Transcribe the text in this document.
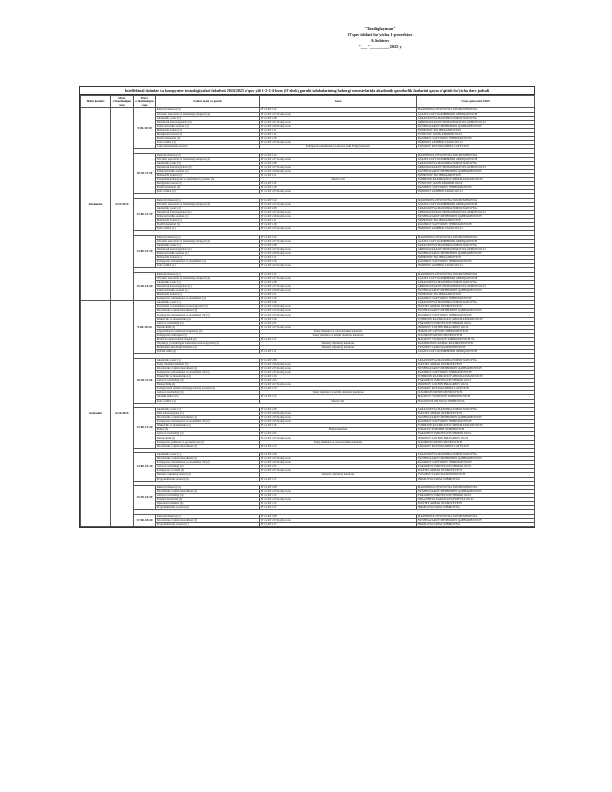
"Tasdiqlayman"
O'quv ishlari bo'yicha 1-prorektor
A.Sobirov
"___"_________2025 y
Intellektual tizimlar va kompyuter texnologiyalari fakulteti 2024/2025 o'quv yili 1-2-3-4-kurs (O'zbek) guruhi talabalarining bahorgi semestrlarida akademik qarzdorlik fanlarini qayta o'qitish bo'yicha dars jadvali
Hafta kunlari	Mavl. o'tkaziladigan kun	Mavl. o'tkaziladigan vaqt	Fanlar nomi va guruh	Xona	Ustoz qatnovchi FISH
Dushanba	6/23/2025	9:00-10:20	Ruski (Uzbekon) (3)	IT va KT 112	MAKHDOVA ZIYOTOVNA XOLMUMINOVNA
			O'rtoklar sanoatida va fanlarning tadqiqoti (4)	IT va KT 217 Komp xona	ASATULLAYV KODIRBERDI ABDIQAJOVICH
			Akademik yozuv (2)	IT va KT 218	SARADAYEVA MAXMIRA NOR'OLNATOVNA
			Dasturlash texnologiyalari (3)	IT va KT 217 Komp xona	ABDURAZZAKOV MUHAMMAD SULAYMON OG'LI
			Kiberxavfsizlik asoslari (3)	IT va KT 216 Komp xona	NUSHNAZAROV MESBERDIN QABHAKHOVICH
			Mehnatchi bonusi (3)	IT va KT 111	NISHONOV ISO IBRAGIMOVICH
			Berilganlar bazasi (3)	IT va KT 112	YUNUSOV JAXIN KHODOR OG'LI
			Predlil dasturlari (3)	IT va KT 118	RAXIMOV SAYYODOV SHERMATOVICH
			Sutri cariflar (3)	IT va KT 215 Komp xona	ISMONOV AZIZBEK ZAYAD OG'LI
			Lahot mexanitsasi asoslari	Kutilganda tanishtirish va adreses tarifi Fizigi kafedrasi	SAFAROV RUSTAM ABDULLAYEVICH

		10:30-11:50	Ruski (Uzbekon) (2)	IT va KT 112	MAKHDOVA ZIYOTOVNA XOLMUMINOVNA
			O'rtoklar sanoatida va fanlarning tadqiqoti (4)	IT va KT 217 Komp xona	ASATULLAYV KODIRBERDI ABDIQAJOVICH
			Akademik yozuv (2)	IT va KT 218	SARADAYEVA MAXMIRA NOR'OLNATOVNA
			Dasturlash texnologiyalari (2)	IT va KT 217 Komp xona	ABDURAZZAKOV MUHAMMAD SULAYMON OG'LI
			Kiberxavfsizlik asoslari (2)	IT va KT 216 Komp xona	NUSHNAZAROV MESBERDIN QABHAKHOVICH
			Mehnatchi bonusi (2)	IT va KT 111	NISHONOV ISO IBRAGIMOVICH
			Telekommunikatsiyasi va muammoli g'ozlalar (5)	Mavlet 510	TOHIRJON RAXIMJANOV ABDURAXMANOVICH
			Berilganlar bazasi (2)	IT va KT 112	YUNUSOV JAXIN KHODOR OG'LI
			Predlil dasturlari (2)	IT va KT 118	RAXIMOV SAYYODOV SHERMATOVICH
			Sutri cariflar (2)	IT va KT 215 Komp xona	ISMONOV AZIZBEK ZAYAD OG'LI

		12:00-13:20	Ruski (Uzbekon) (1)	IT va KT 112	MAKHDOVA ZIYOTOVNA XOLMUMINOVNA
			O'rtoklar sanoatida va fanlarning tadqiqoti (4)	IT va KT 217 Komp xona	ASATULLAYV KODIRBERDI ABDIQAJOVICH
			Akademik yozuv (2)	IT va KT 218	SARADAYEVA MAXMIRA NOR'OLNATOVNA
			Dasturlash texnologiyalari (1)	IT va KT 217 Komp xona	ABDURAZZAKOV MUHAMMAD SULAYMON OG'LI
			Kiberxavfsizlik asoslari (1)	IT va KT 216 Komp xona	NUSHNAZAROV MESBERDIN QABHAKHOVICH
			Mehnatchi bonusi (1)	IT va KT 111	NISHONOV ISO IBRAGIMOVICH
			Predlil dasturlari (1)	IT va KT 118	RAXIMOV SAYYODOV SHERMATOVICH
			Sutri cariflar (1)	IT va KT 215 Komp xona	ISMONOV AZIZBEK ZAYAD OG'LI

		14:00-15:20	Ruski (Uzbekon) (1)	IT va KT 112	MAKHDOVA ZIYOTOVNA XOLMUMINOVNA
			O'rtoklar sanoatida va fanlarning tadqiqoti (4)	IT va KT 217 Komp xona	ASATULLAYV KODIRBERDI ABDIQAJOVICH
			Akademik yozuv (1)	IT va KT 218	SARADAYEVA MAXMIRA NOR'OLNATOVNA
			Dasturlash texnologiyalari (1)	IT va KT 217 Komp xona	ABDURAZZAKOV MUHAMMAD SULAYMON OG'LI
			Kiberxavfsizlik asoslari (1)	IT va KT 216 Komp xona	NUSHNAZAROV MESBERDIN QABHAKHOVICH
			Mehnatchi bonusi (1)	IT va KT 111	NISHONOV ISO IBRAGIMOVICH
			Kompyuter arxitekturasi va Assembler (4)	IT va KT 119	RAXIMOV SAYYODOV SHERMATOVICH
			Sutri cariflar (1)	IT va KT 215 Komp xona	ISMONOV AZIZBEK ZAYAD OG'LI

		15:30-16:50	Ruski (Uzbekon) (1)	IT va KT 112	MAKHDOVA ZIYOTOVNA XOLMUMINOVNA
			O'rtoklar sanoatida va fanlarning tadqiqoti (4)	IT va KT 217 Komp xona	ASATULLAYV KODIRBERDI ABDIQAJOVICH
			Akademik yozuv (1)	IT va KT 218	SARADAYEVA MAXMIRA NOR'OLNATOVNA
			Dasturlash texnologiyalari (1)	IT va KT 217 Komp xona	ABDURAZZAKOV MUHAMMAD SULAYMON OG'LI
			Kiberxavfsizlik asoslari (1)	IT va KT 216 Komp xona	NUSHNAZAROV MESBERDIN QABHAKHOVICH
			Mehnatchi bonusi (1)	IT va KT 111	NISHONOV ISO IBRAGIMOVICH
			Kompyuter arxitekturasi va Assembler (4)	IT va KT 119	RAXIMOV SAYYODOV SHERMATOVICH
Seshanba	6/24/2025	9:00-10:20	Akademik yozuv (1)	IT va KT 218	SARADAYEVA MAXMIRA NOR'OLNATOVNA
			Bog'lanish va fundament texnologiyalari (5)	IT va KT 216 Komp xona	SOLTIEV AKBAR OTABOYEVICH
			Informatika o'qitish metodikasi (3)	IT va KT 215 Komp xona	NUSHNAZAROV MESBERDIN QABHAKHOVICH
			Kompyuter arxitekturasi va Assembler tili (5)	IT va KT 215 Komp xona	RAXIMOV SAYYODOV SHERMATOVICH
			Diskret'lik va matematika (4)	IT va KT 116	TOHIRJON RAXIMJANOV ABDURAXMANOVICH
			Axborot xavfsizligi (5)	IT va KT 215	YARASHOV ISMOYILJON SHOKIR OG'LI
			Dasturchilik (2)	IT va KT 217 Komp xona	ISMONOV LOCHIN IBRAGIMOV OG'LI
			Algoritmlarni loyihalash strukturasi (5)	Suniy intellekt va robototexnika kafedrasi	ISMOILOV SAYYOD SHERMATOVICH
			Kompyuter tarmoqlari (5)	Suniy intellekt va tizimli dasturlar kafedrasi	ILXOMJON MUNIS MUSINOVICH
			Mobil ilovalarni ishlab chiqish (4)	IT va KT 117	MALIKOV VOXIDJON TAHIRJONOVICH T.L
			Obyektga yo'naltirilgan dasturlash texnologiyalari (4)	Dasturiy injiniring kafedrasi	RAXIMJONOV AKMAL RAXIMJONOVICH
			Multimedia hisoblash tizimlari (4)	Dasturiy injiniring kafedrasi	YUSUPOV JAXIN RAXIMJONOVICH
			Tizimli tahlil (4)	IT va KT 111	ASATULLAYV KODIRBERDI ABDIQAJOVICH

		10:30-11:50	Akademik yozuv (1)	IT va KT 218	SARADAYEVA MAXMIRA NOR'OLNATOVNA
			Suniy intellekt tizimlari (5)	IT va KT 216 Komp xona	SOLTIEV AKBAR OTABOYEVICH
			Informatika o'qitish metodikasi (2)	IT va KT 215 Komp xona	NUSHNAZAROV MESBERDIN QABHAKHOVICH
			Kompyuter arxitekturasi va Assembler tili (5)	IT va KT 215 Komp xona	RAXIMOV SAYYODOV SHERMATOVICH
			Diskret'lik va matematika (4)	IT va KT 116	TOHIRJON RAXIMJANOV ABDURAXMANOVICH
			Axborot xavfsizligi (4)	IT va KT 215	YARASHOV ISMOYILJON SHOKIR OG'LI
			Dasturchilik (2)	IT va KT 217 Komp xona	ISMONOV LOCHIN IBRAGIMOV OG'LI
			Kompyuterni tashkil etishning nazariy asoslari (4)	IT va KT 113	SAFAROV RUSTAM ABDULLAYEVICH
			Axborot xavfsizligi (4)	Suniy intellekt va tizimli dasturlar kafedrasi	ILXOMJON MUNIS MUSINOVICH
			Ozodlik fanlari (5)	IT va KT 115	MALIKOV VOXIDJON TAHIRJONOVICH
			Sutri cariflar (3)	Mavlet 221	HASANOVA DILNOZA TOHIROVNA

		12:00-13:20	Akademik yozuv (1)	IT va KT 218	SARADAYEVA MAXMIRA NOR'OLNATOVNA
			Web texnologiyalar (5)	IT va KT 216 Komp xona	SOLTIEV AKBAR OTABOYEVICH
			Informatika o'qitish metodikasi (1)	IT va KT 215 Komp xona	NUSHNAZAROV MESBERDIN QABHAKHOVICH
			Kompyuter arxitekturasi va Assembler tili (2)	IT va KT 215 Komp xona	RAXIMOV SAYYODOV SHERMATOVICH
			Diskret'lik va matematika (1)	IT va KT 116	TOHIRJON RAXIMJANOV ABDURAXMANOVICH
			Fizika (3)	Fizika kafedrasi	JURAYEV XURSHID VAHOBOVICH
			Axborot xavfsizligi (2)	IT va KT 215	YARASHOV ISMOYILJON SHOKIR OG'LI
			Dasturchilik (2)	IT va KT 217 Komp xona	ISMONOV LOCHIN IBRAGIMOV OG'LI
			Kompyuter grafikasi va geometriyasi (5)	Suniy intellekt va robototexnika kafedrasi	ILXOMJON MUNIS MUSINOVICH
			Informatika o'qitish metodikasi (1)	IT va KT 115	SAFAROV RUSTAM ABDULLAYEVICH

		14:00-15:20	Akademik yozuv (1)	IT va KT 218	SARADAYEVA MAXMIRA NOR'OLNATOVNA
			Informatika o'qitish metodikasi (5)	IT va KT 215 Komp xona	NUSHNAZAROV MESBERDIN QABHAKHOVICH
			Kompyuter arxitekturasi va Assembler tili (2)	IT va KT 215 Komp xona	RAXIMOV SAYYODOV SHERMATOVICH
			Axborot xavfsizligi (4)	IT va KT 215	YARASHOV ISMOYILJON SHOKIR OG'LI
			Kompyuter va tizim (2)	IT va KT 217 Komp xona	SOLTIEV AKBAR OTABOYEVICH
			Dasturiy injiniring fanlari (4)	Dasturiy injiniring kafedrasi	YUSUPOV JAXIN RAXIMJONOVICH
			Programmalash asoslari (4)	IT va KT 117	ISROILOVA SAIDA SOBIROVNA

		15:30-16:50	Ruski (Uzbekon) (4)	IT va KT 218	MAKHDOVA ZIYOTOVNA XOLMUMINOVNA
			Informatika o'qitish metodikasi (3)	IT va KT 215 Komp xona	NUSHNAZAROV MESBERDIN QABHAKHOVICH
			Axborot xavfsizligi (3)	IT va KT 115	YARASHOV ISMOYILJON SHOKIR OG'LI
			Parallel dasturlash (2)	IT va KT 215 Komp xona	ORGASHEVA NARGIZA FAYZIEVNA OG'LI
			Operatsion tizimlar (4)	IT va KT 115	SOLTIEV AKBAR OTABOYEVICH
			Programmalash asoslari (4)	IT va KT 117	ISROILOVA SAIDA SOBIROVNA

		17:00-18:20	Ruski (Uzbekon) (1)	IT va KT 218	MAKHDOVA ZIYOTOVNA XOLMUMINOVNA
			Informatika o'qitish metodikasi (3)	IT va KT 215 Komp xona	NUSHNAZAROV MESBERDIN QABHAKHOVICH
			Programmalash asoslari (1)	IT va KT 117	ISROILOVA SAIDA SOBIROVNA
